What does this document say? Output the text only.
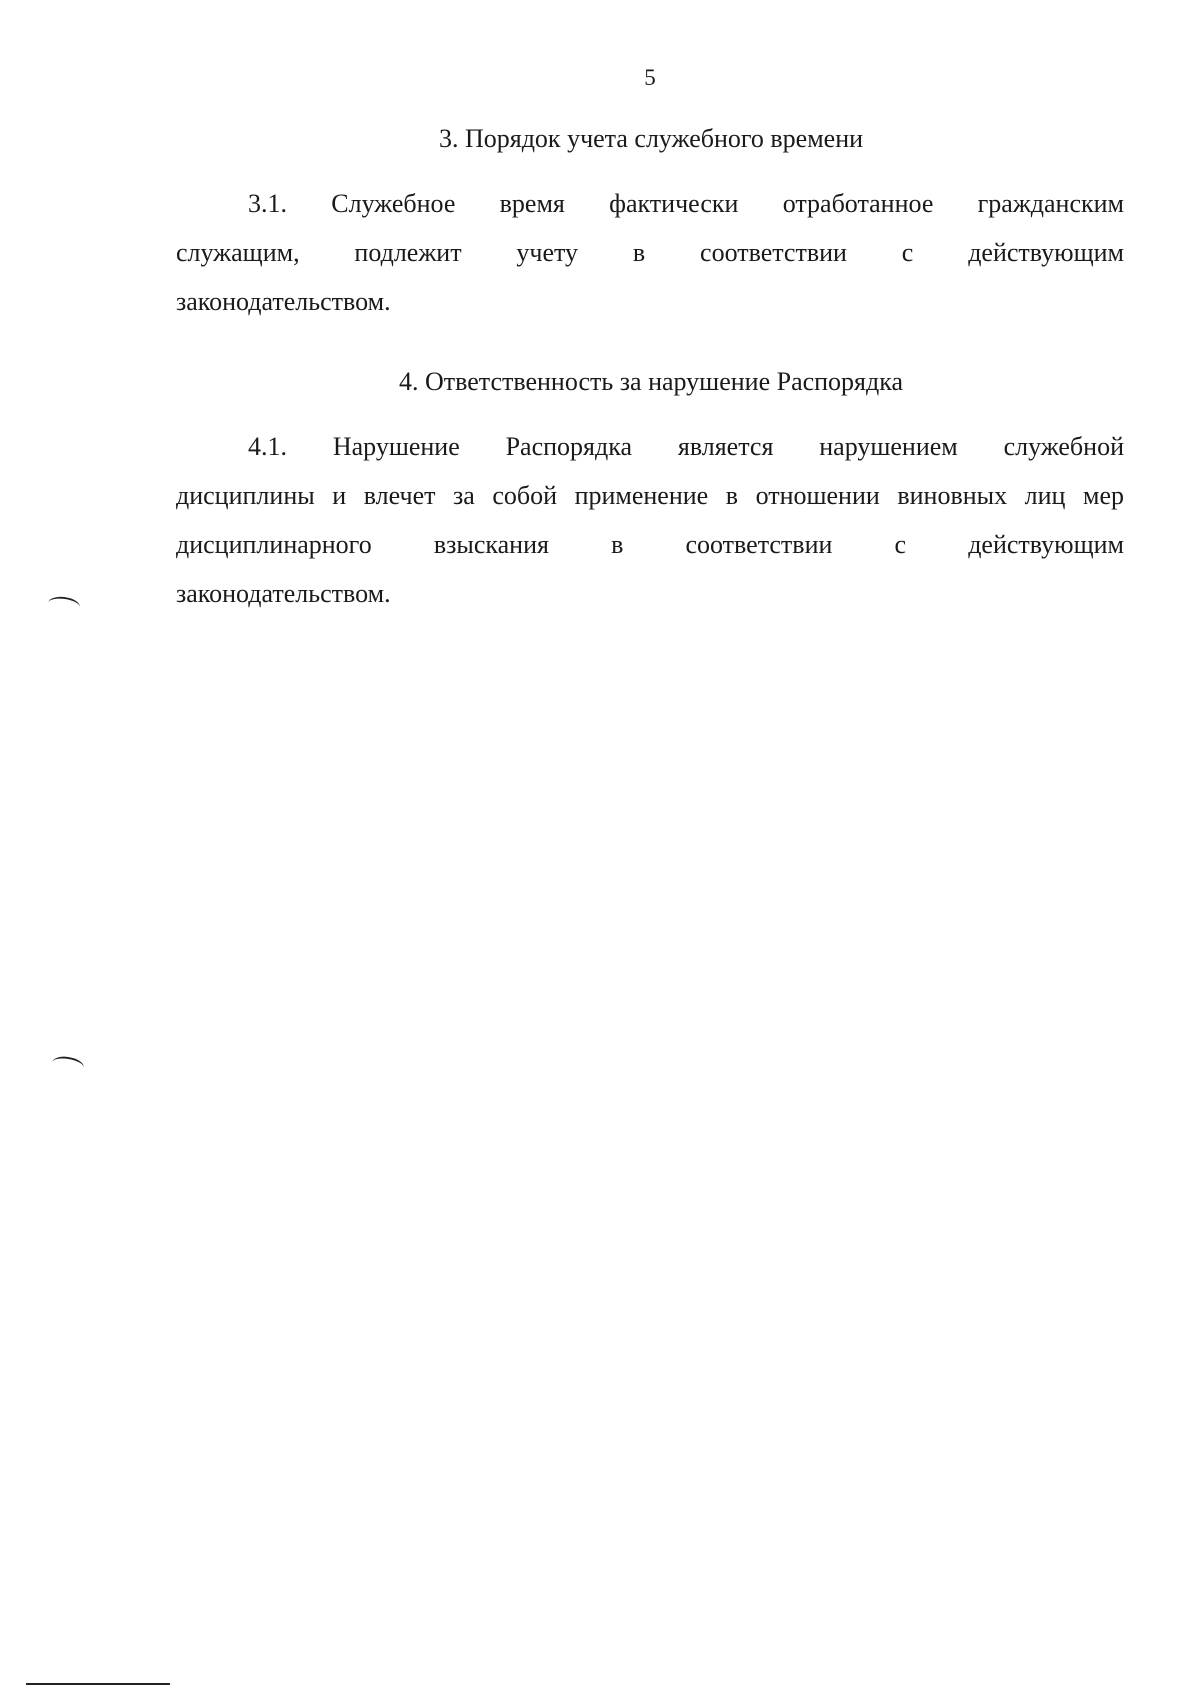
5
3. Порядок учета служебного времени
3.1. Служебное время фактически отработанное гражданским
служащим, подлежит учету в соответствии с действующим
законодательством.
4. Ответственность за нарушение Распорядка
4.1. Нарушение Распорядка является нарушением служебной
дисциплины и влечет за собой применение в отношении виновных лиц мер
дисциплинарного взыскания в соответствии с действующим
законодательством.
